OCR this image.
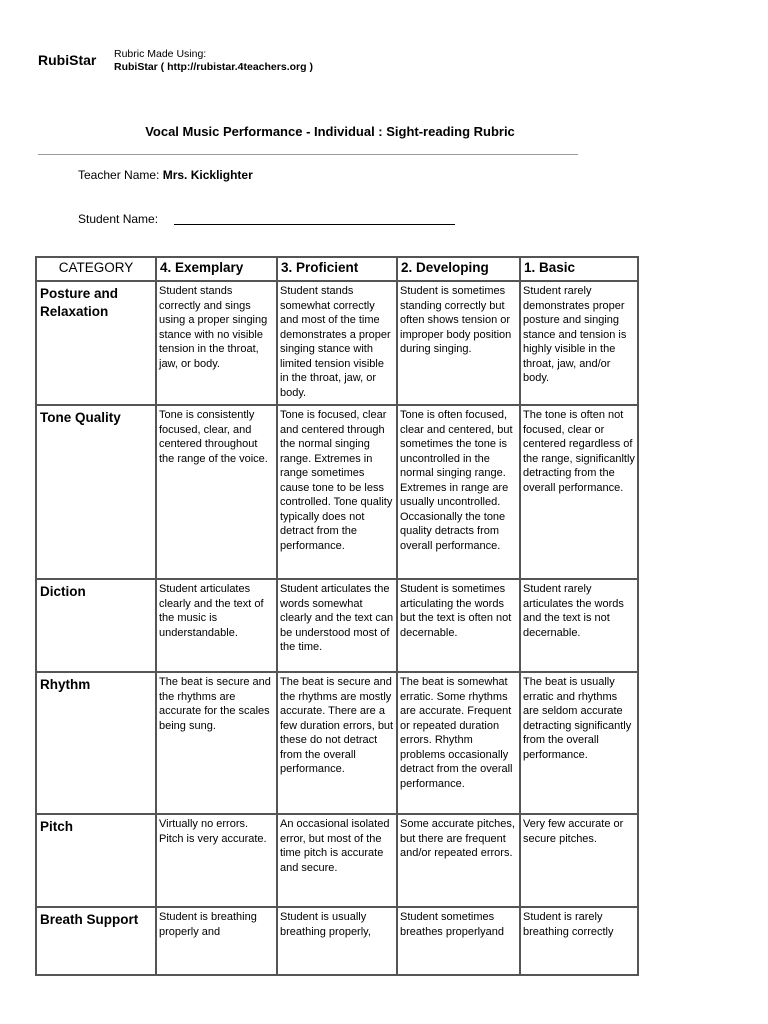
RubiStar Rubric Made Using:
RubiStar ( http://rubistar.4teachers.org )
Vocal Music Performance - Individual : Sight-reading Rubric
Teacher Name: Mrs. Kicklighter
Student Name:
CATEGORY	4. Exemplary	3. Proficient	2. Developing	1. Basic
Posture and Relaxation	Student stands correctly and sings using a proper singing stance with no visible tension in the throat, jaw, or body.	Student stands somewhat correctly and most of the time demonstrates a proper singing stance with limited tension visible in the throat, jaw, or body.	Student is sometimes standing correctly but often shows tension or improper body position during singing.	Student rarely demonstrates proper posture and singing stance and tension is highly visible in the throat, jaw, and/or body.
Tone Quality	Tone is consistently focused, clear, and centered throughout the range of the voice.	Tone is focused, clear and centered through the normal singing range. Extremes in range sometimes cause tone to be less controlled. Tone quality typically does not detract from the performance.	Tone is often focused, clear and centered, but sometimes the tone is uncontrolled in the normal singing range. Extremes in range are usually uncontrolled. Occasionally the tone quality detracts from overall performance.	The tone is often not focused, clear or centered regardless of the range, significanltly detracting from the overall performance.
Diction	Student articulates clearly and the text of the music is understandable.	Student articulates the words somewhat clearly and the text can be understood most of the time.	Student is sometimes articulating the words but the text is often not decernable.	Student rarely articulates the words and the text is not decernable.
Rhythm	The beat is secure and the rhythms are accurate for the scales being sung.	The beat is secure and the rhythms are mostly accurate. There are a few duration errors, but these do not detract from the overall performance.	The beat is somewhat erratic. Some rhythms are accurate. Frequent or repeated duration errors. Rhythm problems occasionally detract from the overall performance.	The beat is usually erratic and rhythms are seldom accurate detracting significantly from the overall performance.
Pitch	Virtually no errors. Pitch is very accurate.	An occasional isolated error, but most of the time pitch is accurate and secure.	Some accurate pitches, but there are frequent and/or repeated errors.	Very few accurate or secure pitches.
Breath Support	Student is breathing properly and	Student is usually breathing properly,	Student sometimes breathes properlyand	Student is rarely breathing correctly
